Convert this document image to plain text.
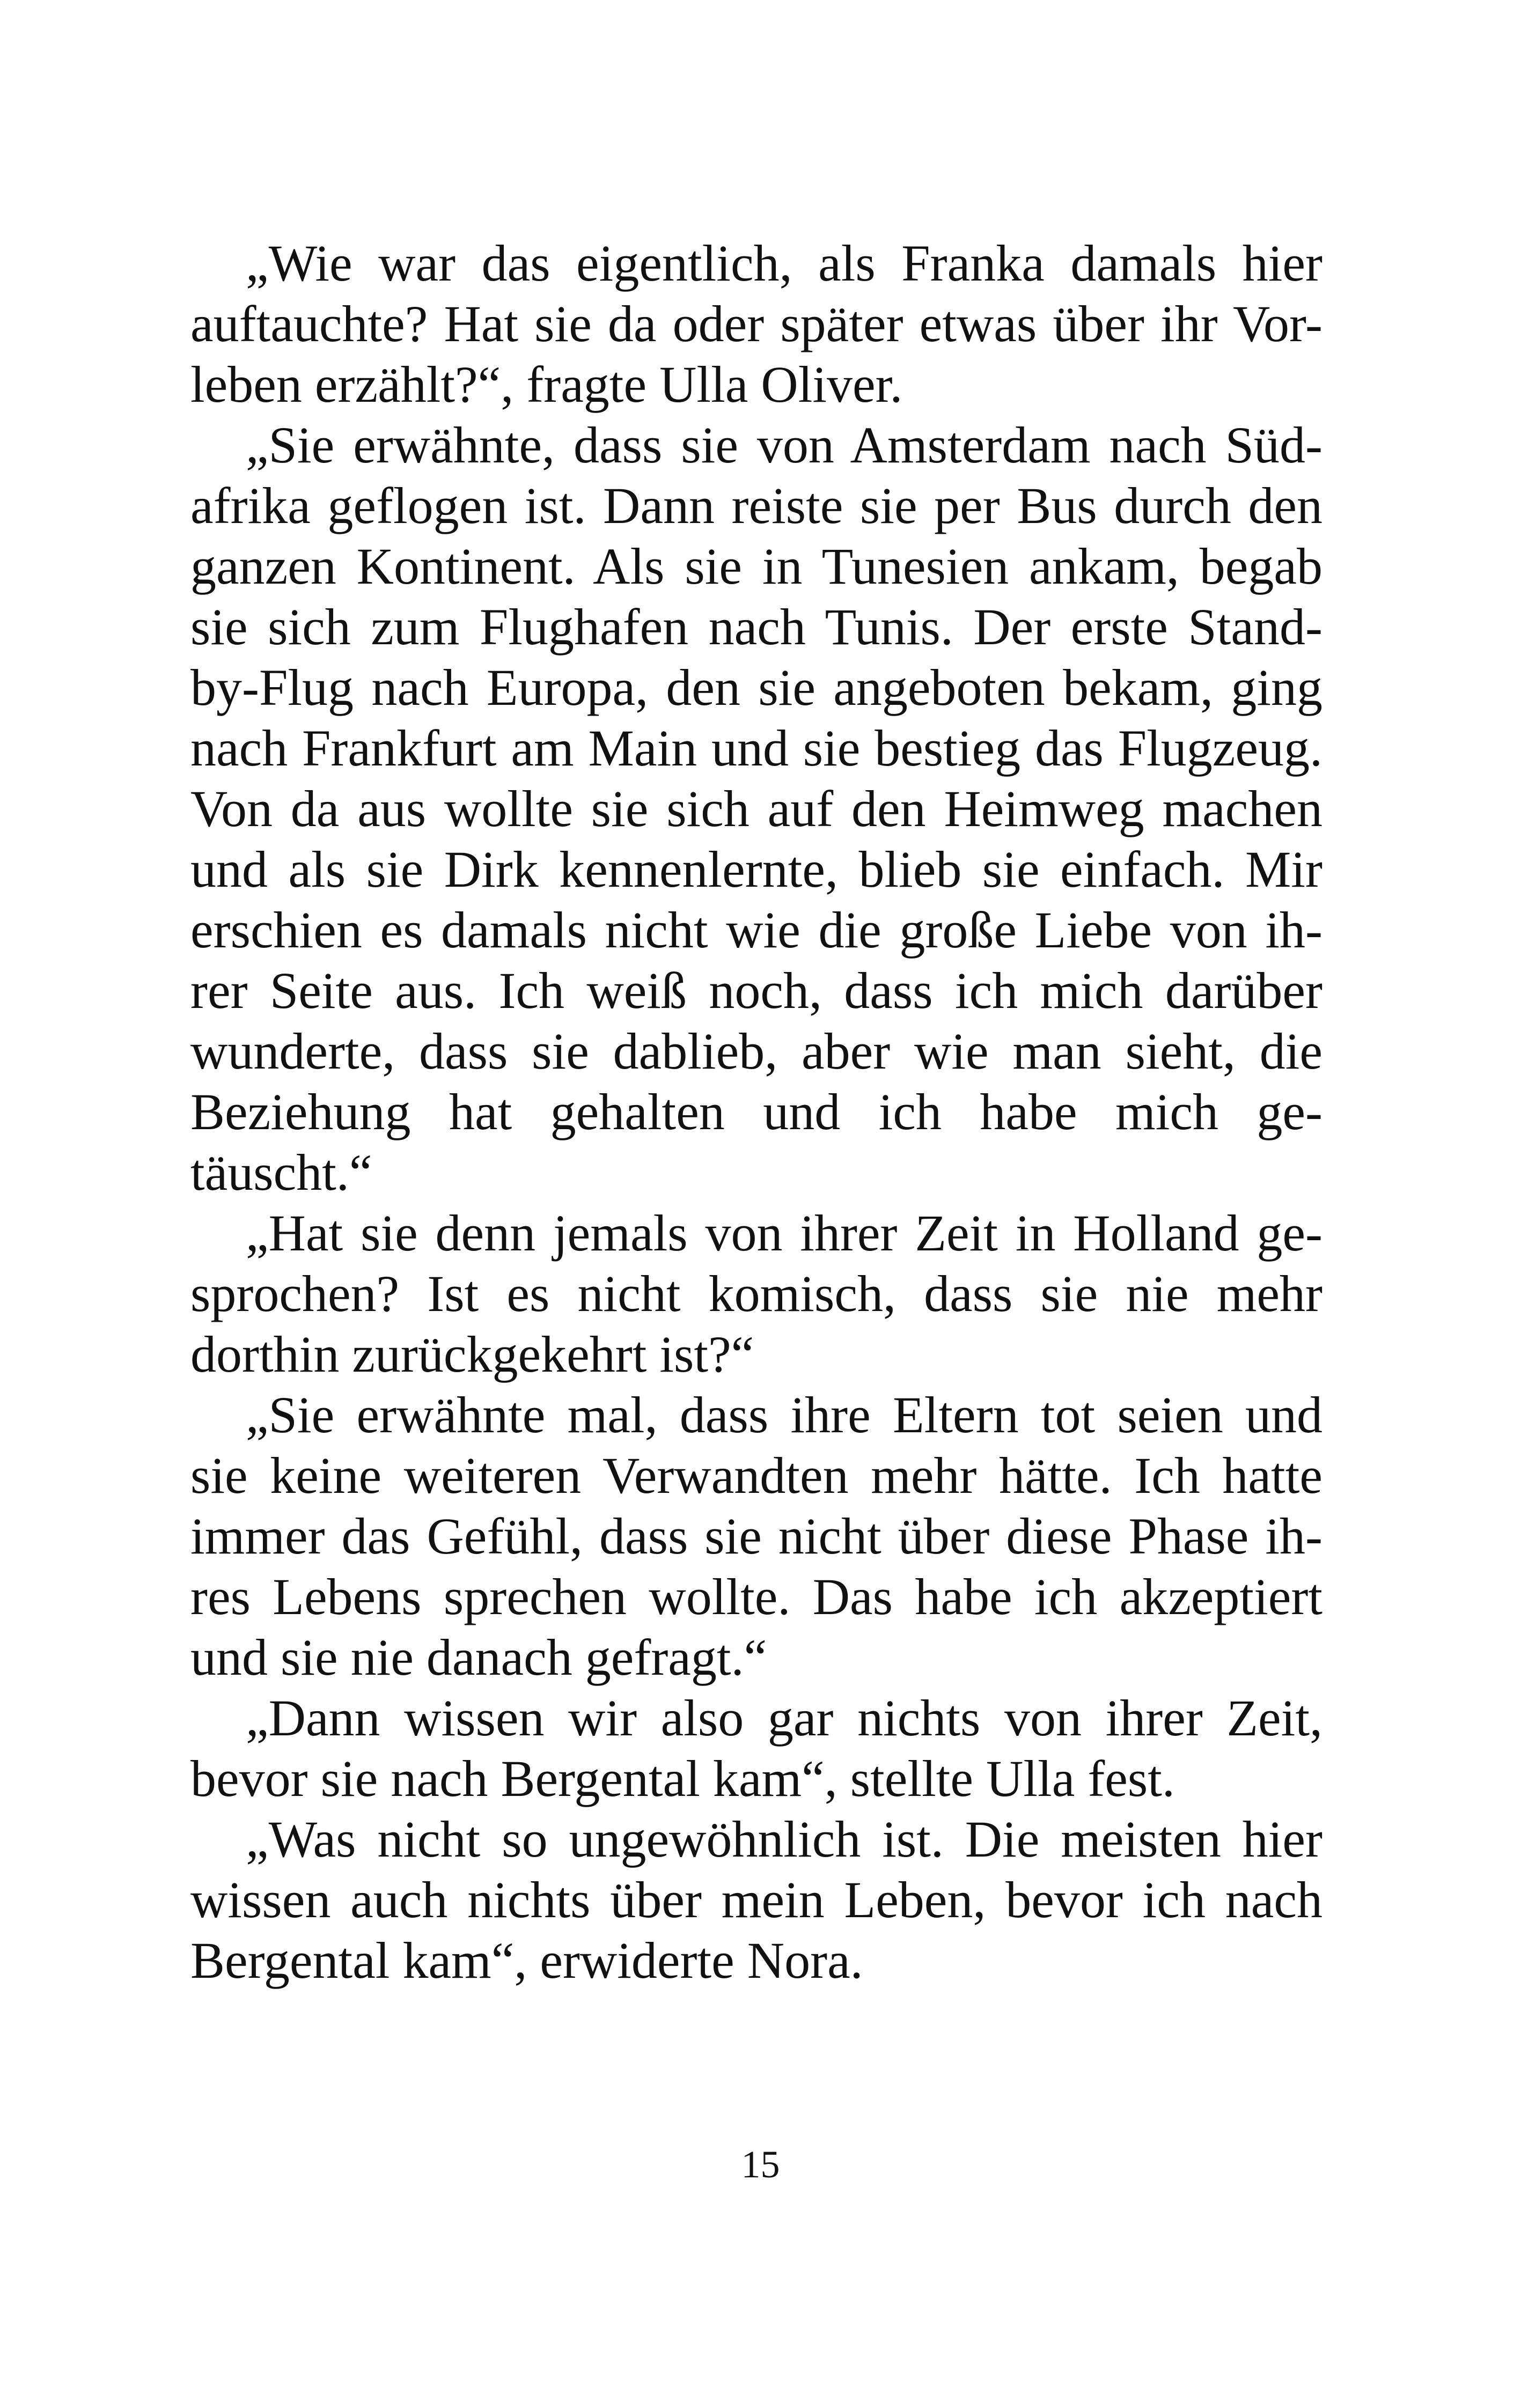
„Wie war das eigentlich, als Franka damals hier
auftauchte? Hat sie da oder später etwas über ihr Vor-
leben erzählt?“, fragte Ulla Oliver.
„Sie erwähnte, dass sie von Amsterdam nach Süd-
afrika geflogen ist. Dann reiste sie per Bus durch den
ganzen Kontinent. Als sie in Tunesien ankam, begab
sie sich zum Flughafen nach Tunis. Der erste Stand-
by-Flug nach Europa, den sie angeboten bekam, ging
nach Frankfurt am Main und sie bestieg das Flugzeug.
Von da aus wollte sie sich auf den Heimweg machen
und als sie Dirk kennenlernte, blieb sie einfach. Mir
erschien es damals nicht wie die große Liebe von ih-
rer Seite aus. Ich weiß noch, dass ich mich darüber
wunderte, dass sie dablieb, aber wie man sieht, die
Beziehung hat gehalten und ich habe mich ge-
täuscht.“
„Hat sie denn jemals von ihrer Zeit in Holland ge-
sprochen? Ist es nicht komisch, dass sie nie mehr
dorthin zurückgekehrt ist?“
„Sie erwähnte mal, dass ihre Eltern tot seien und
sie keine weiteren Verwandten mehr hätte. Ich hatte
immer das Gefühl, dass sie nicht über diese Phase ih-
res Lebens sprechen wollte. Das habe ich akzeptiert
und sie nie danach gefragt.“
„Dann wissen wir also gar nichts von ihrer Zeit,
bevor sie nach Bergental kam“, stellte Ulla fest.
„Was nicht so ungewöhnlich ist. Die meisten hier
wissen auch nichts über mein Leben, bevor ich nach
Bergental kam“, erwiderte Nora.
15
